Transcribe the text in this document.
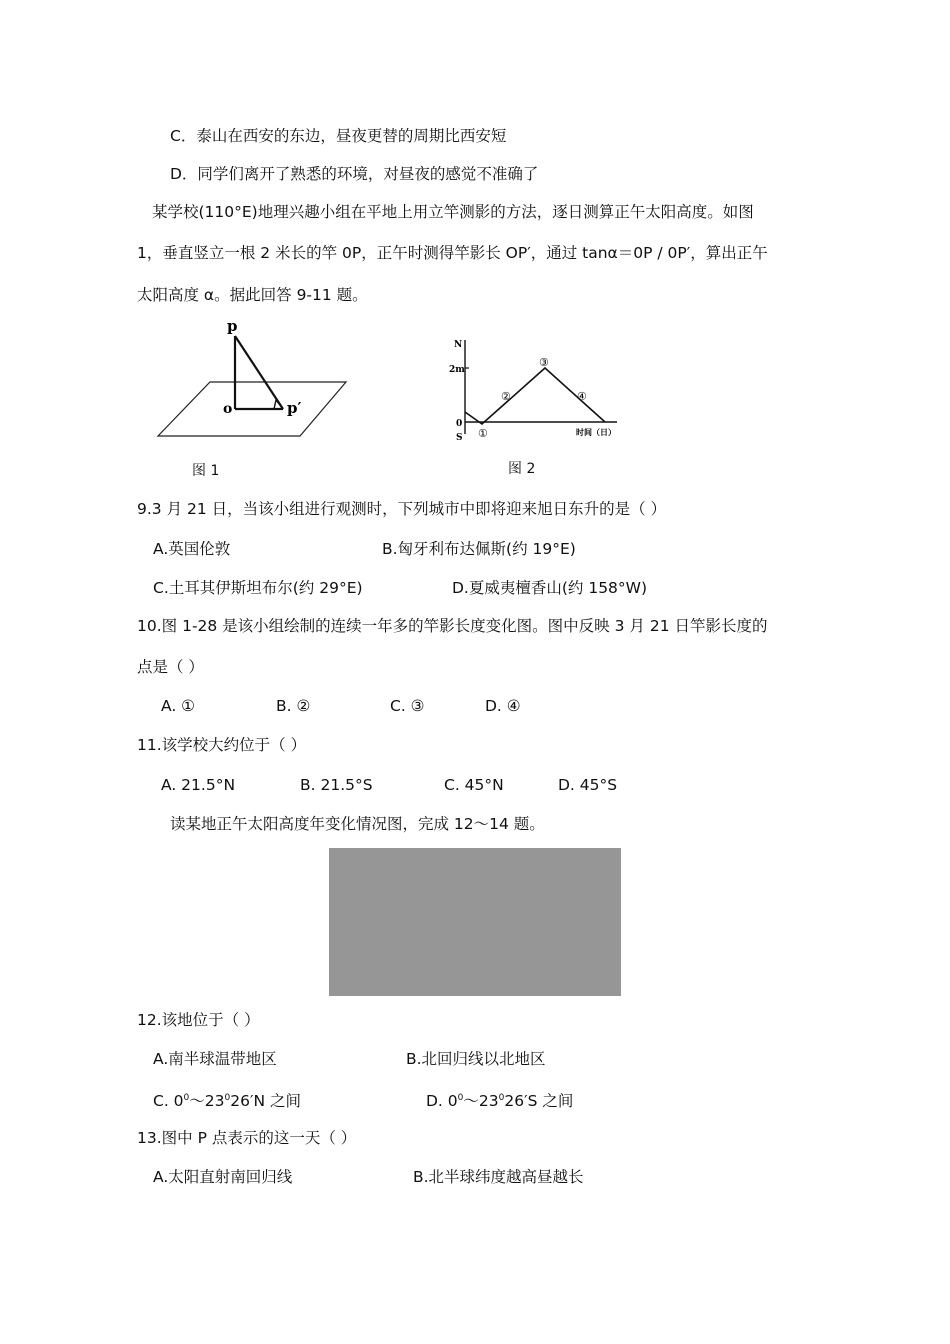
C．泰山在西安的东边，昼夜更替的周期比西安短
D．同学们离开了熟悉的环境，对昼夜的感觉不准确了
某学校(110°E)地理兴趣小组在平地上用立竿测影的方法，逐日测算正午太阳高度。如图
1，垂直竖立一根 2 米长的竿 0P，正午时测得竿影长 OP′，通过 tanα＝0P / 0P′，算出正午
太阳高度 α。据此回答 9-11 题。
p
o	p′
图 1
N
2m
0
S ①
②
③
④
时间（日）
图 2
9.3 月 21 日，当该小组进行观测时，下列城市中即将迎来旭日东升的是（ ）
A.英国伦敦	B.匈牙利布达佩斯(约 19°E)
C.土耳其伊斯坦布尔(约 29°E)	D.夏威夷檀香山(约 158°W)
10.图 1-28 是该小组绘制的连续一年多的竿影长度变化图。图中反映 3 月 21 日竿影长度的
点是（ ）
A. ①	B. ②	C. ③	D. ④
11.该学校大约位于（ ）
A. 21.5°N	B. 21.5°S	C. 45°N	D. 45°S
读某地正午太阳高度年变化情况图，完成 12～14 题。
12.该地位于（ ）
A.南半球温带地区	B.北回归线以北地区
C. $0^0\sim 23^026'N$ 之间	D. $0^0\sim 23^026'S$ 之间
13.图中 P 点表示的这一天（ ）
A.太阳直射南回归线	B.北半球纬度越高昼越长
